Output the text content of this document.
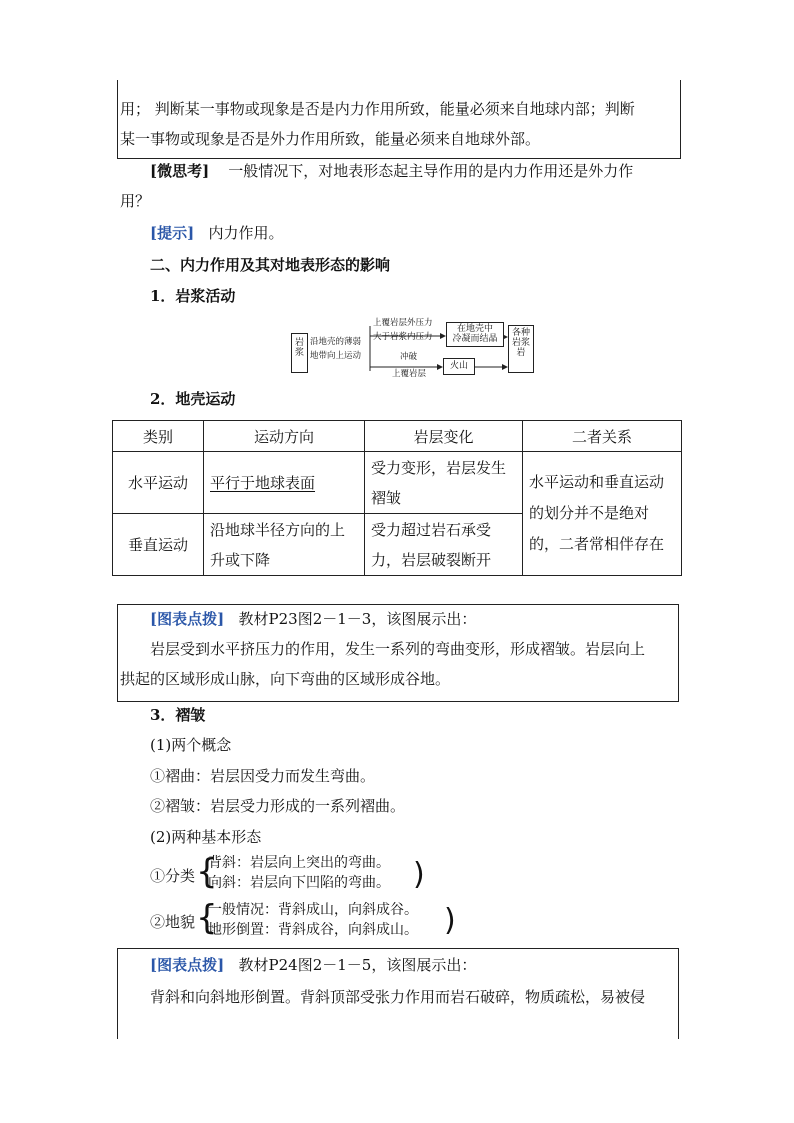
用； 判断某一事物或现象是否是内力作用所致，能量必须来自地球内部；判断
某一事物或现象是否是外力作用所致，能量必须来自地球外部。
[微思考] 一般情况下，对地表形态起主导作用的是内力作用还是外力作
用？
[提示] 内力作用。
二、内力作用及其对地表形态的影响
1．岩浆活动
岩浆
沿地壳的薄弱
地带向上运动
上覆岩层外压力
大于岩浆内压力
在地壳中
冷凝而结晶
冲破
上覆岩层
火山
各种岩浆岩
2．地壳运动
类别	运动方向	岩层变化	二者关系
水平运动	平行于地球表面	受力变形，岩层发生褶皱	水平运动和垂直运动的划分并不是绝对的，二者常相伴存在
垂直运动	沿地球半径方向的上升或下降	受力超过岩石承受力，岩层破裂断开	
[图表点拨] 教材P23图2－1－3，该图展示出：
岩层受到水平挤压力的作用，发生一系列的弯曲变形，形成褶皱。岩层向上
拱起的区域形成山脉，向下弯曲的区域形成谷地。
3．褶皱
(1)两个概念
①褶曲：岩层因受力而发生弯曲。
②褶皱：岩层受力形成的一系列褶曲。
(2)两种基本形态
①分类 {
背斜：岩层向上突出的弯曲。
向斜：岩层向下凹陷的弯曲。 )
②地貌 {
一般情况：背斜成山，向斜成谷。
地形倒置：背斜成谷，向斜成山。 )
[图表点拨] 教材P24图2－1－5，该图展示出：
背斜和向斜地形倒置。背斜顶部受张力作用而岩石破碎，物质疏松，易被侵
